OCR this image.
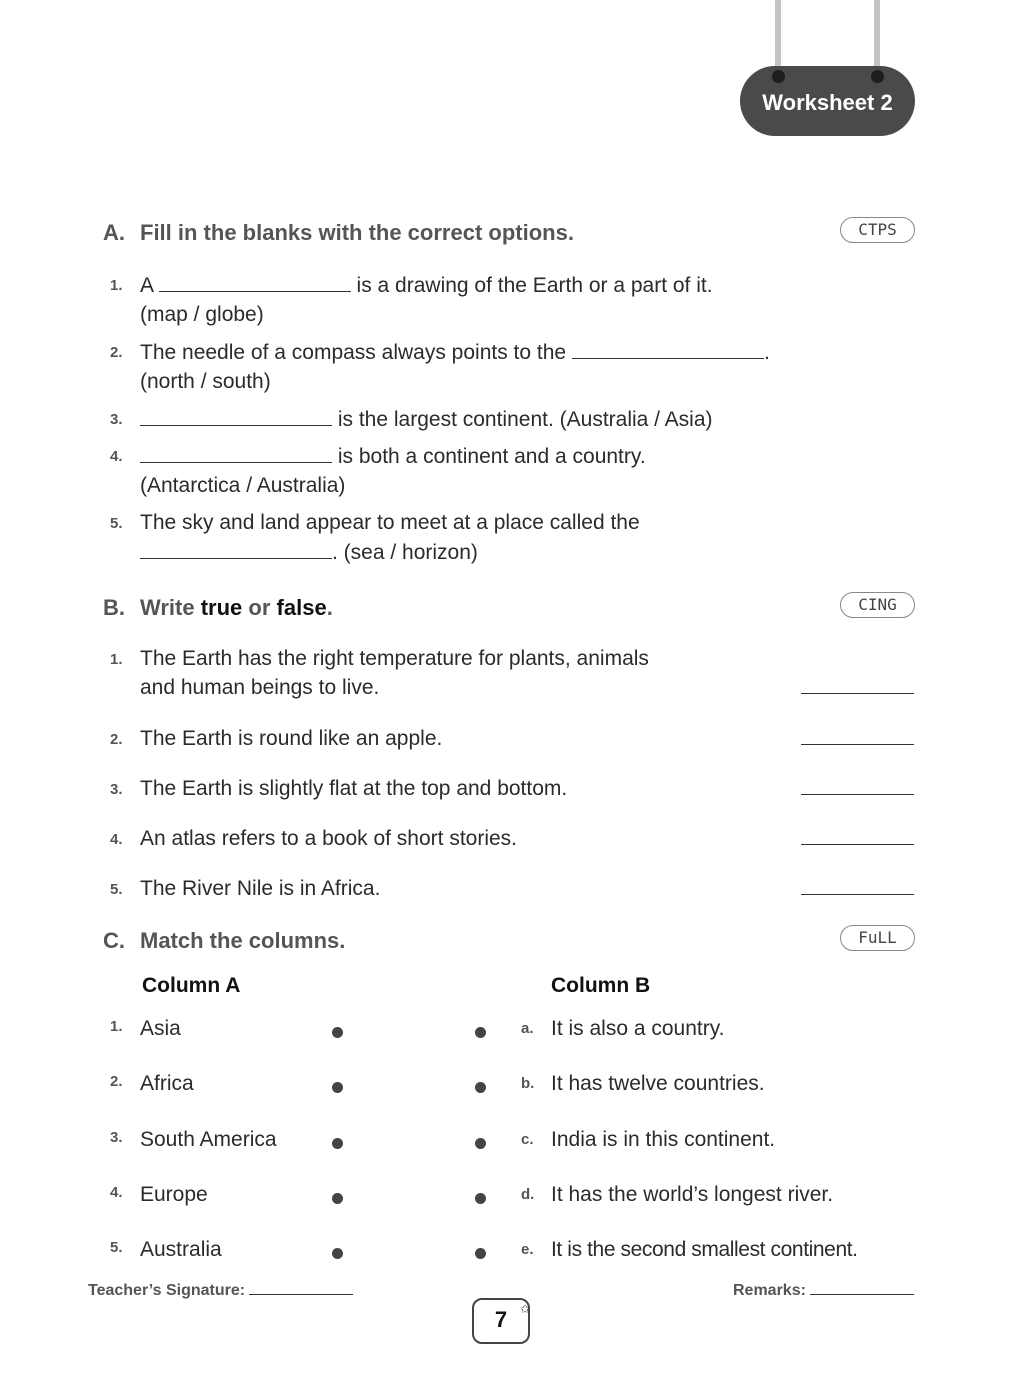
Worksheet 2
A. Fill in the blanks with the correct options.	CTPS
1. A	is a drawing of the Earth or a part of it.
(map / globe)
2. The needle of a compass always points to the	.
(north / south)
3.	is the largest continent. (Australia / Asia)
4.	is both a continent and a country.
(Antarctica / Australia)
5. The sky and land appear to meet at a place called the
. (sea / horizon)
B. Write true or false.	CING
1. The Earth has the right temperature for plants, animals
and human beings to live.
2. The Earth is round like an apple.
3. The Earth is slightly flat at the top and bottom.
4. An atlas refers to a book of short stories.
5. The River Nile is in Africa.
C. Match the columns.	FuLL
Column A	Column B
1. Asia	a. It is also a country.
2. Africa	b. It has twelve countries.
3. South America	c. India is in this continent.
4. Europe	d. It has the world’s longest river.
5. Australia	e. It is the second smallest continent.
Teacher’s Signature:	Remarks:
7	✩
